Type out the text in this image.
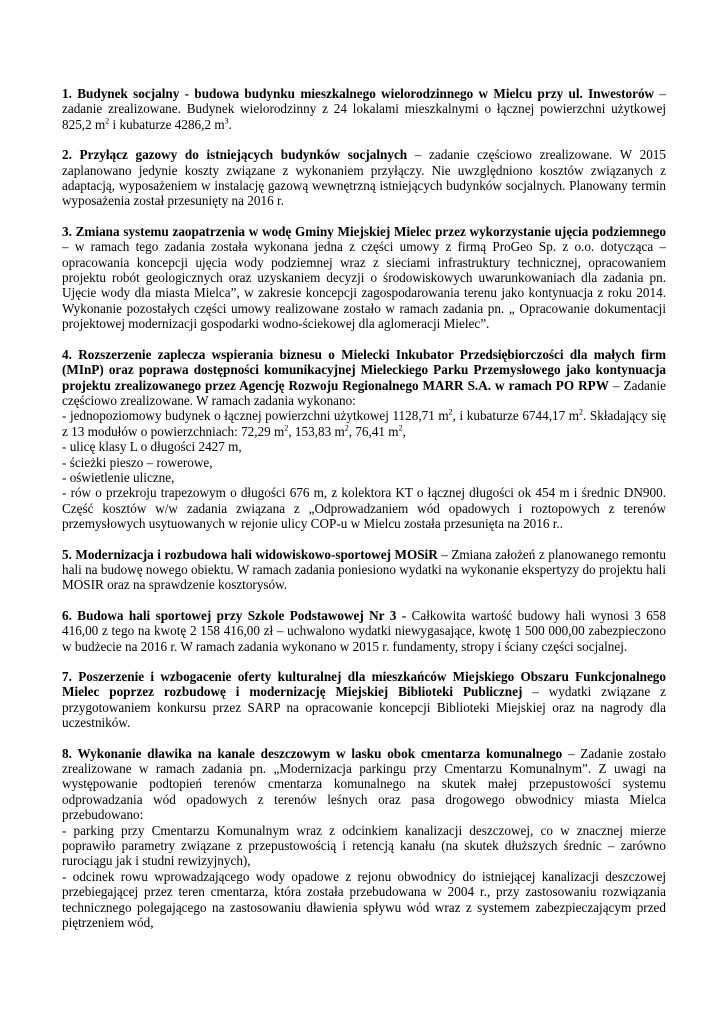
1. Budynek socjalny - budowa budynku mieszkalnego wielorodzinnego w Mielcu przy ul. Inwestorów – zadanie zrealizowane. Budynek wielorodzinny z 24 lokalami mieszkalnymi o łącznej powierzchni użytkowej 825,2 $m^2$ i kubaturze 4286,2 $m^3$.

2. Przyłącz gazowy do istniejących budynków socjalnych – zadanie częściowo zrealizowane. W 2015 zaplanowano jedynie koszty związane z wykonaniem przyłączy. Nie uwzględniono kosztów związanych z adaptacją, wyposażeniem w instalację gazową wewnętrzną istniejących budynków socjalnych. Planowany termin wyposażenia został przesunięty na 2016 r.

3. Zmiana systemu zaopatrzenia w wodę Gminy Miejskiej Mielec przez wykorzystanie ujęcia podziemnego – w ramach tego zadania została wykonana jedna z części umowy z firmą ProGeo Sp. z o.o. dotycząca – opracowania koncepcji ujęcia wody podziemnej wraz z sieciami infrastruktury technicznej, opracowaniem projektu robót geologicznych oraz uzyskaniem decyzji o środowiskowych uwarunkowaniach dla zadania pn. Ujęcie wody dla miasta Mielca”, w zakresie koncepcji zagospodarowania terenu jako kontynuacja z roku 2014. Wykonanie pozostałych części umowy realizowane zostało w ramach zadania pn. „ Opracowanie dokumentacji projektowej modernizacji gospodarki wodno-ściekowej dla aglomeracji Mielec”.

4. Rozszerzenie zaplecza wspierania biznesu o Mielecki Inkubator Przedsiębiorczości dla małych firm (MInP) oraz poprawa dostępności komunikacyjnej Mieleckiego Parku Przemysłowego jako kontynuacja projektu zrealizowanego przez Agencję Rozwoju Regionalnego MARR S.A. w ramach PO RPW – Zadanie częściowo zrealizowane. W ramach zadania wykonano:

- jednopoziomowy budynek o łącznej powierzchni użytkowej 1128,71 $m^2$, i kubaturze 6744,17 $m^2$. Składający się z 13 modułów o powierzchniach: 72,29 $m^2$, 153,83 $m^2$, 76,41 $m^2$,

- ulicę klasy L o długości 2427 m,

- ścieżki pieszo – rowerowe,

- oświetlenie uliczne,

- rów o przekroju trapezowym o długości 676 m, z kolektora KT o łącznej długości ok 454 m i średnic DN900. Część kosztów w/w zadania związana z „Odprowadzaniem wód opadowych i roztopowych z terenów przemysłowych usytuowanych w rejonie ulicy COP-u w Mielcu została przesunięta na 2016 r..

5. Modernizacja i rozbudowa hali widowiskowo-sportowej MOSiR – Zmiana założeń z planowanego remontu hali na budowę nowego obiektu. W ramach zadania poniesiono wydatki na wykonanie ekspertyzy do projektu hali MOSIR oraz na sprawdzenie kosztorysów.

6. Budowa hali sportowej przy Szkole Podstawowej Nr 3 - Całkowita wartość budowy hali wynosi 3 658 416,00 z tego na kwotę 2 158 416,00 zł – uchwalono wydatki niewygasające, kwotę 1 500 000,00 zabezpieczono w budżecie na 2016 r. W ramach zadania wykonano w 2015 r. fundamenty, stropy i ściany części socjalnej.

7. Poszerzenie i wzbogacenie oferty kulturalnej dla mieszkańców Miejskiego Obszaru Funkcjonalnego Mielec poprzez rozbudowę i modernizację Miejskiej Biblioteki Publicznej – wydatki związane z przygotowaniem konkursu przez SARP na opracowanie koncepcji Biblioteki Miejskiej oraz na nagrody dla uczestników.

8. Wykonanie dławika na kanale deszczowym w lasku obok cmentarza komunalnego – Zadanie zostało zrealizowane w ramach zadania pn. „Modernizacja parkingu przy Cmentarzu Komunalnym”. Z uwagi na występowanie podtopień terenów cmentarza komunalnego na skutek małej przepustowości systemu odprowadzania wód opadowych z terenów leśnych oraz pasa drogowego obwodnicy miasta Mielca przebudowano:

- parking przy Cmentarzu Komunalnym wraz z odcinkiem kanalizacji deszczowej, co w znacznej mierze poprawiło parametry związane z przepustowością i retencją kanału (na skutek dłuższych średnic – zarówno rurociągu jak i studni rewizyjnych),

- odcinek rowu wprowadzającego wody opadowe z rejonu obwodnicy do istniejącej kanalizacji deszczowej przebiegającej przez teren cmentarza, która została przebudowana w 2004 r., przy zastosowaniu rozwiązania technicznego polegającego na zastosowaniu dławienia spływu wód wraz z systemem zabezpieczającym przed piętrzeniem wód,
